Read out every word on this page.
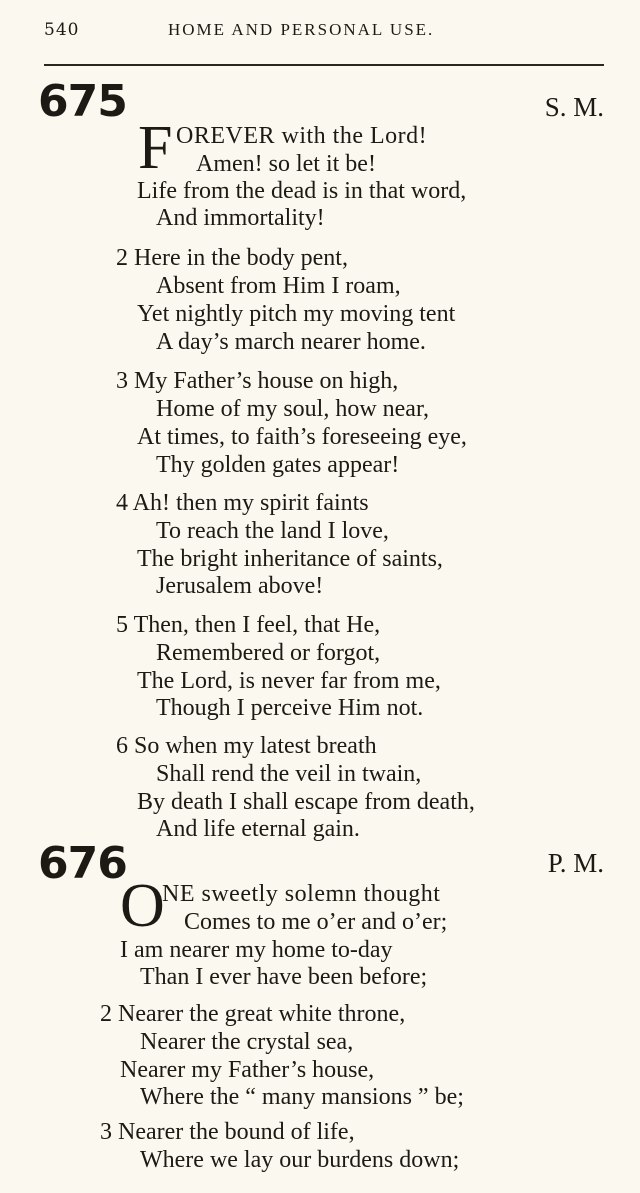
540	HOME AND PERSONAL USE.
675	S. M.
F OREVER with the Lord!
Amen! so let it be!
Life from the dead is in that word,
And immortality!
2 Here in the body pent,
Absent from Him I roam,
Yet nightly pitch my moving tent
A day’s march nearer home.
3 My Father’s house on high,
Home of my soul, how near,
At times, to faith’s foreseeing eye,
Thy golden gates appear!
4 Ah! then my spirit faints
To reach the land I love,
The bright inheritance of saints,
Jerusalem above!
5 Then, then I feel, that He,
Remembered or forgot,
The Lord, is never far from me,
Though I perceive Him not.
6 So when my latest breath
Shall rend the veil in twain,
By death I shall escape from death,
And life eternal gain.
676	P. M.
O
NE sweetly solemn thought
Comes to me o’er and o’er;
I am nearer my home to-day
Than I ever have been before;
2 Nearer the great white throne,
Nearer the crystal sea,
Nearer my Father’s house,
Where the “ many mansions ” be;
3 Nearer the bound of life,
Where we lay our burdens down;
